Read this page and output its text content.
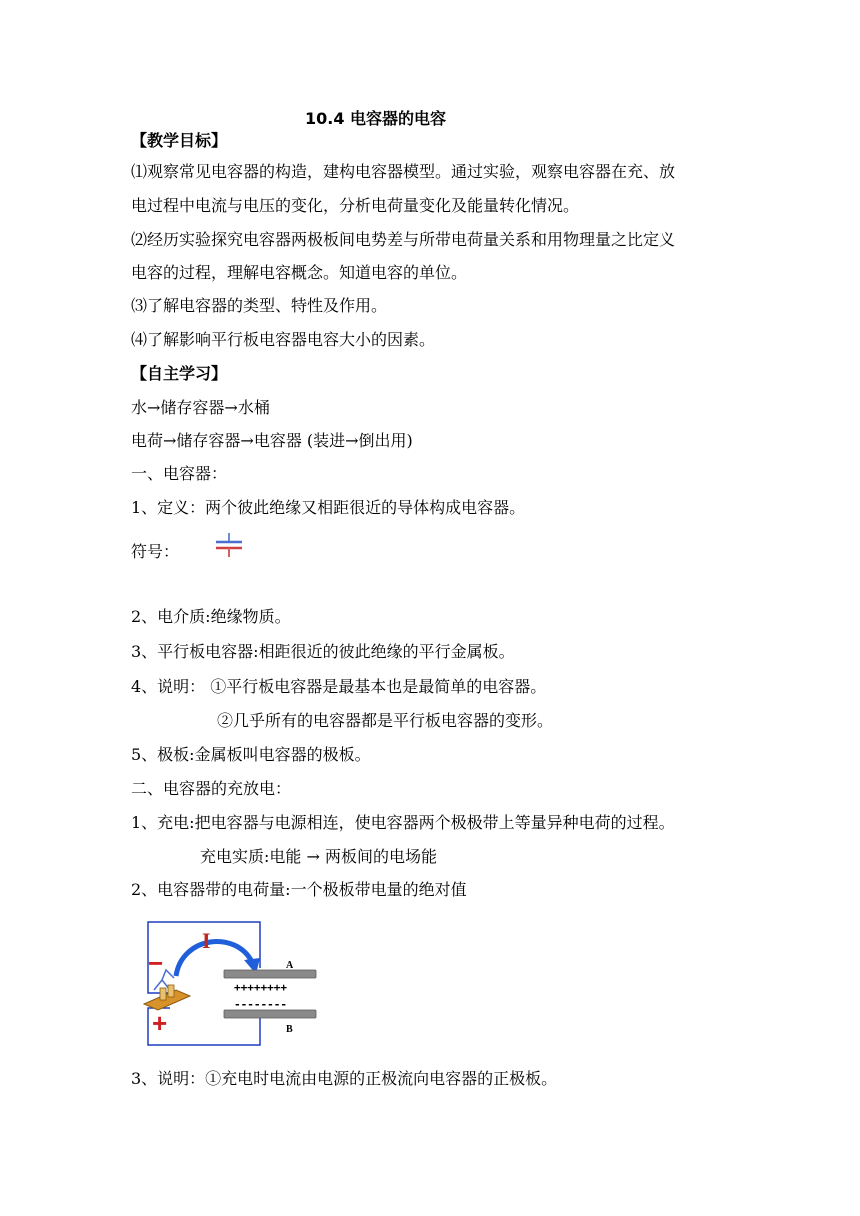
10.4 电容器的电容
【教学目标】
⑴观察常见电容器的构造，建构电容器模型。通过实验，观察电容器在充、放
电过程中电流与电压的变化，分析电荷量变化及能量转化情况。
⑵经历实验探究电容器两极板间电势差与所带电荷量关系和用物理量之比定义
电容的过程，理解电容概念。知道电容的单位。
⑶了解电容器的类型、特性及作用。
⑷了解影响平行板电容器电容大小的因素。
【自主学习】
水→储存容器→水桶
电荷→储存容器→电容器 (装进→倒出用)
一、电容器：
1、定义：两个彼此绝缘又相距很近的导体构成电容器。
符号：
2、电介质:绝缘物质。
3、平行板电容器:相距很近的彼此绝缘的平行金属板。
4、说明： ①平行板电容器是最基本也是最简单的电容器。
②几乎所有的电容器都是平行板电容器的变形。
5、极板:金属板叫电容器的极板。
二、电容器的充放电：
1、充电:把电容器与电源相连，使电容器两个极极带上等量异种电荷的过程。
充电实质:电能 → 两板间的电场能
2、电容器带的电荷量:一个极板带电量的绝对值
I
−
+
A
B
++++++++
--------
3、说明：①充电时电流由电源的正极流向电容器的正极板。
